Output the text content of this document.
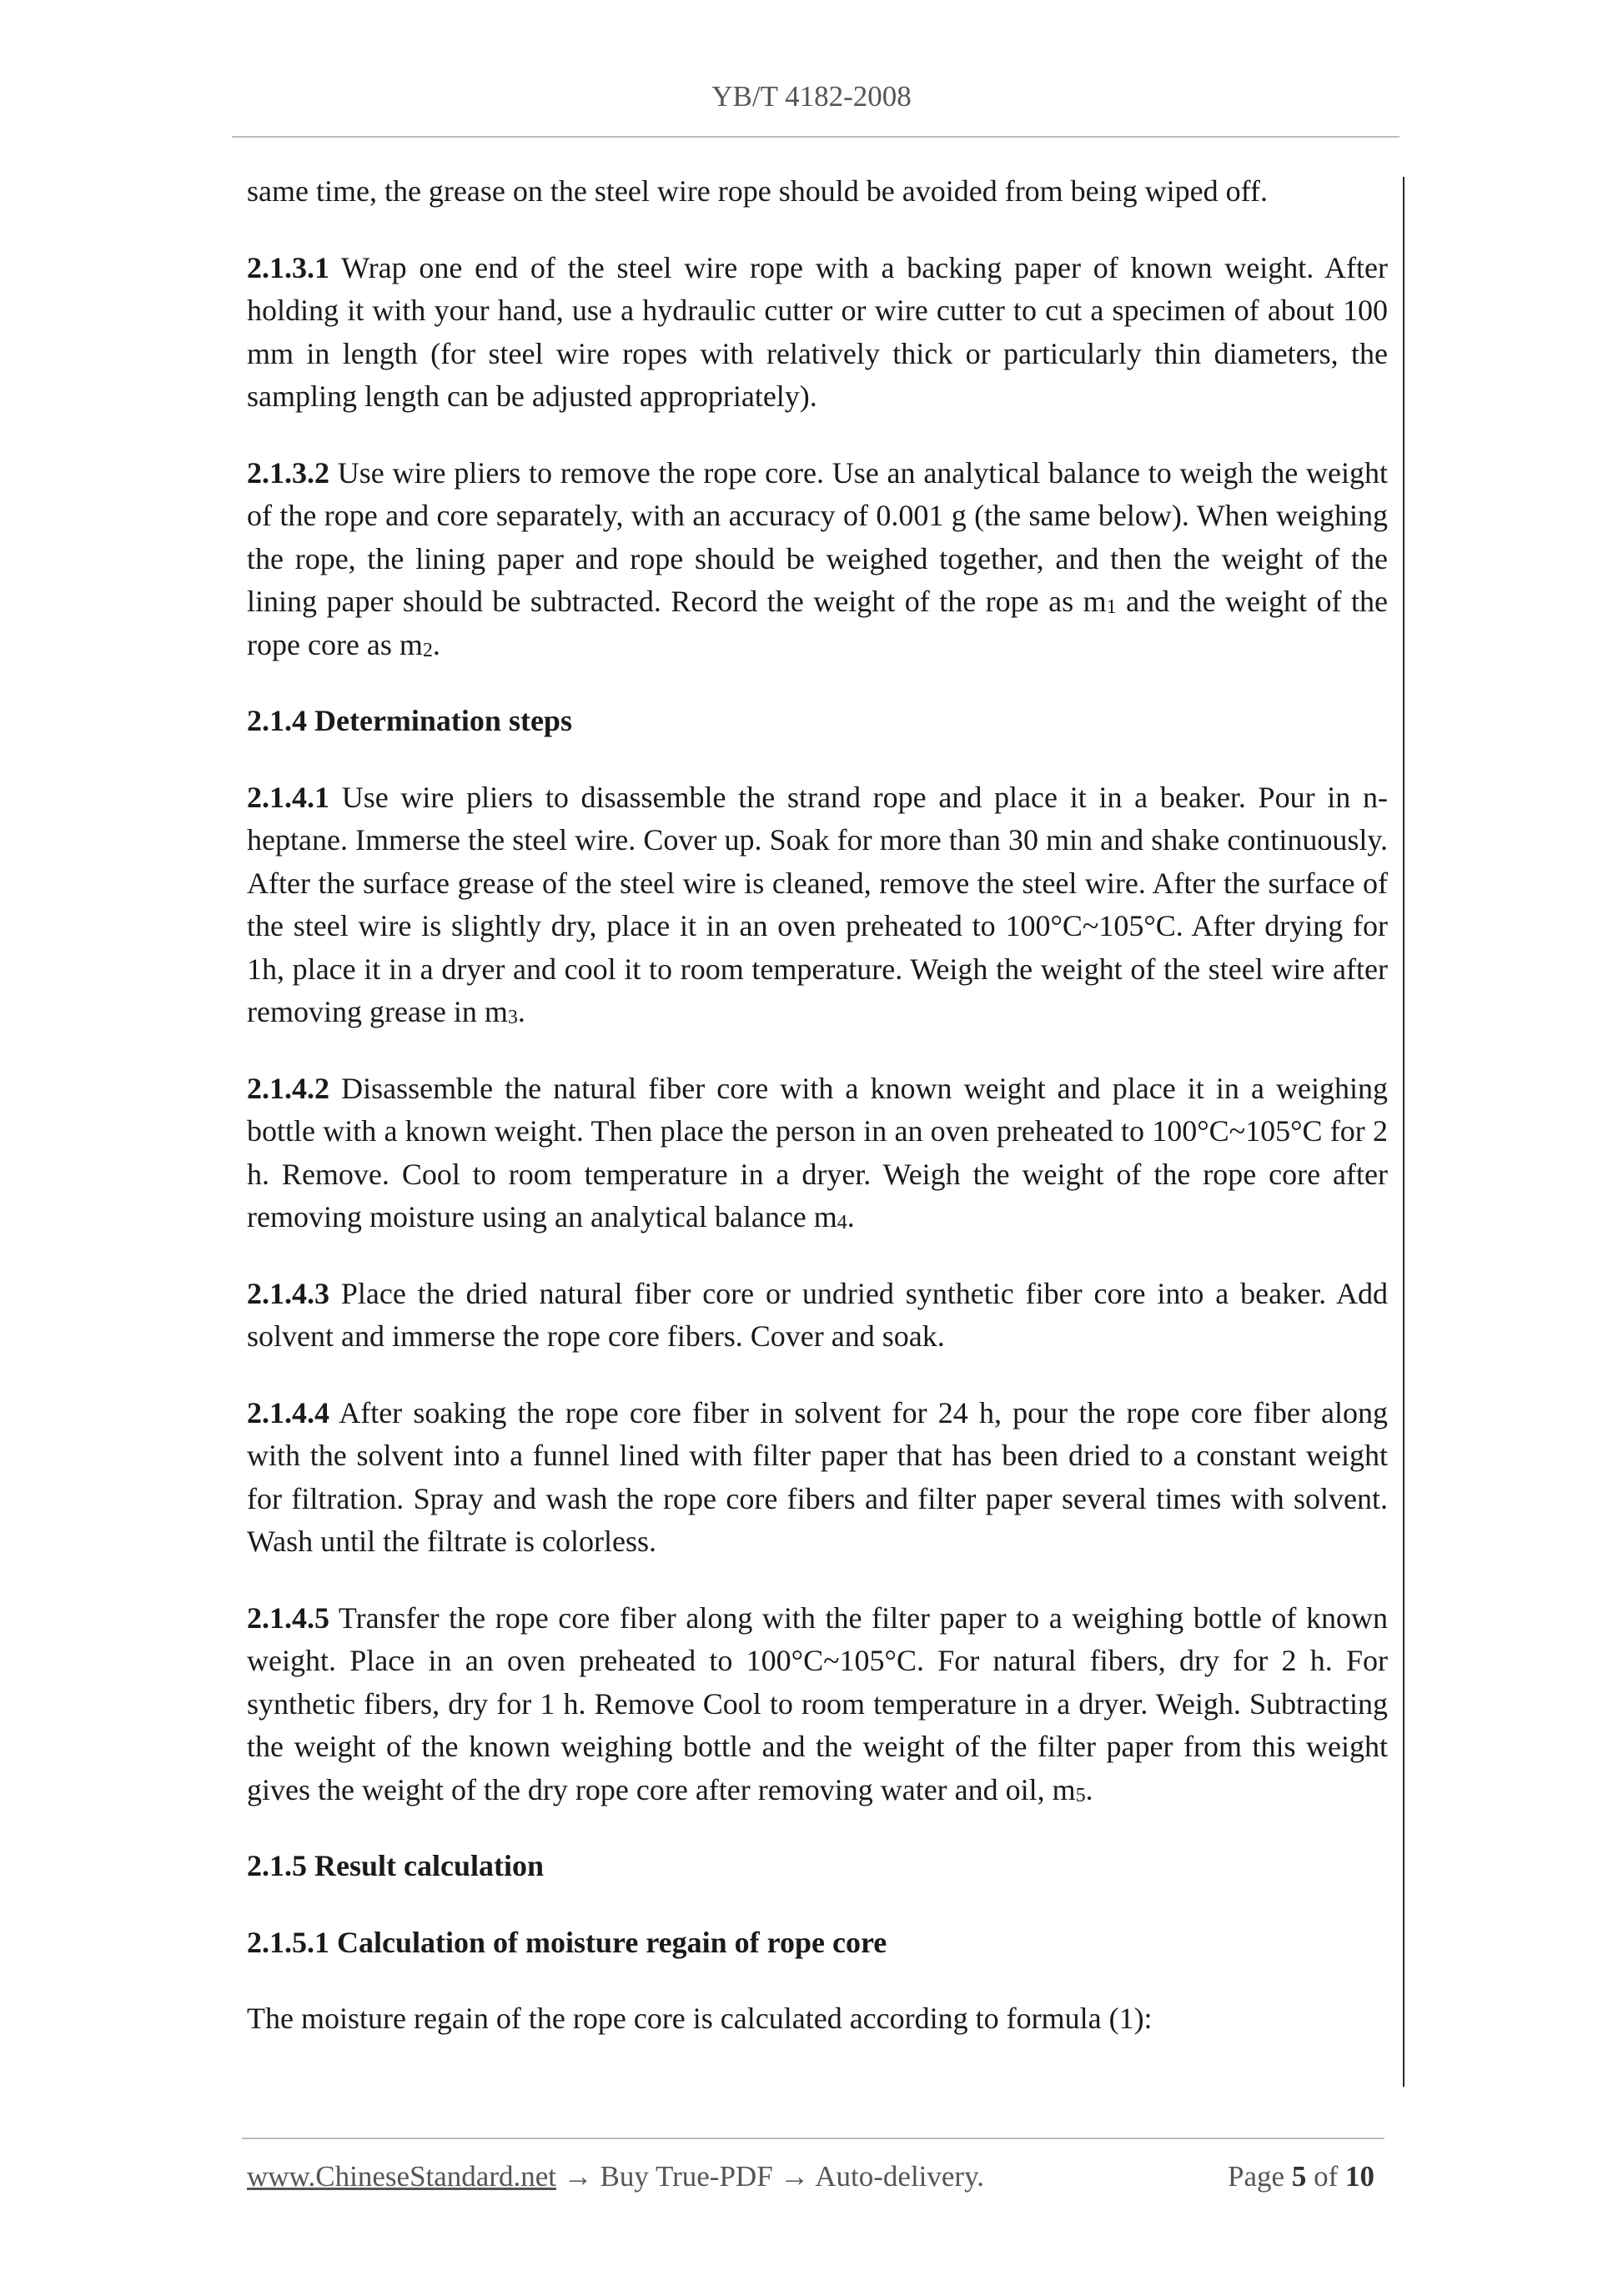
YB/T 4182-2008

same time, the grease on the steel wire rope should be avoided from being wiped off.

2.1.3.1 Wrap one end of the steel wire rope with a backing paper of known weight. After holding it with your hand, use a hydraulic cutter or wire cutter to cut a specimen of about 100 mm in length (for steel wire ropes with relatively thick or particularly thin diameters, the sampling length can be adjusted appropriately).

2.1.3.2 Use wire pliers to remove the rope core. Use an analytical balance to weigh the weight of the rope and core separately, with an accuracy of 0.001 g (the same below). When weighing the rope, the lining paper and rope should be weighed together, and then the weight of the lining paper should be subtracted. Record the weight of the rope as $m_1$ and the weight of the rope core as $m_2$.

2.1.4 Determination steps

2.1.4.1 Use wire pliers to disassemble the strand rope and place it in a beaker. Pour in n-heptane. Immerse the steel wire. Cover up. Soak for more than 30 min and shake continuously. After the surface grease of the steel wire is cleaned, remove the steel wire. After the surface of the steel wire is slightly dry, place it in an oven preheated to 100°C~105°C. After drying for 1h, place it in a dryer and cool it to room temperature. Weigh the weight of the steel wire after removing grease in $m_3$.

2.1.4.2 Disassemble the natural fiber core with a known weight and place it in a weighing bottle with a known weight. Then place the person in an oven preheated to 100°C~105°C for 2 h. Remove. Cool to room temperature in a dryer. Weigh the weight of the rope core after removing moisture using an analytical balance $m_4$.

2.1.4.3 Place the dried natural fiber core or undried synthetic fiber core into a beaker. Add solvent and immerse the rope core fibers. Cover and soak.

2.1.4.4 After soaking the rope core fiber in solvent for 24 h, pour the rope core fiber along with the solvent into a funnel lined with filter paper that has been dried to a constant weight for filtration. Spray and wash the rope core fibers and filter paper several times with solvent. Wash until the filtrate is colorless.

2.1.4.5 Transfer the rope core fiber along with the filter paper to a weighing bottle of known weight. Place in an oven preheated to 100°C~105°C. For natural fibers, dry for 2 h. For synthetic fibers, dry for 1 h. Remove Cool to room temperature in a dryer. Weigh. Subtracting the weight of the known weighing bottle and the weight of the filter paper from this weight gives the weight of the dry rope core after removing water and oil, $m_5$.

2.1.5 Result calculation

2.1.5.1 Calculation of moisture regain of rope core

The moisture regain of the rope core is calculated according to formula (1):

www.ChineseStandard.net → Buy True-PDF → Auto-delivery.	Page 5 of 10
